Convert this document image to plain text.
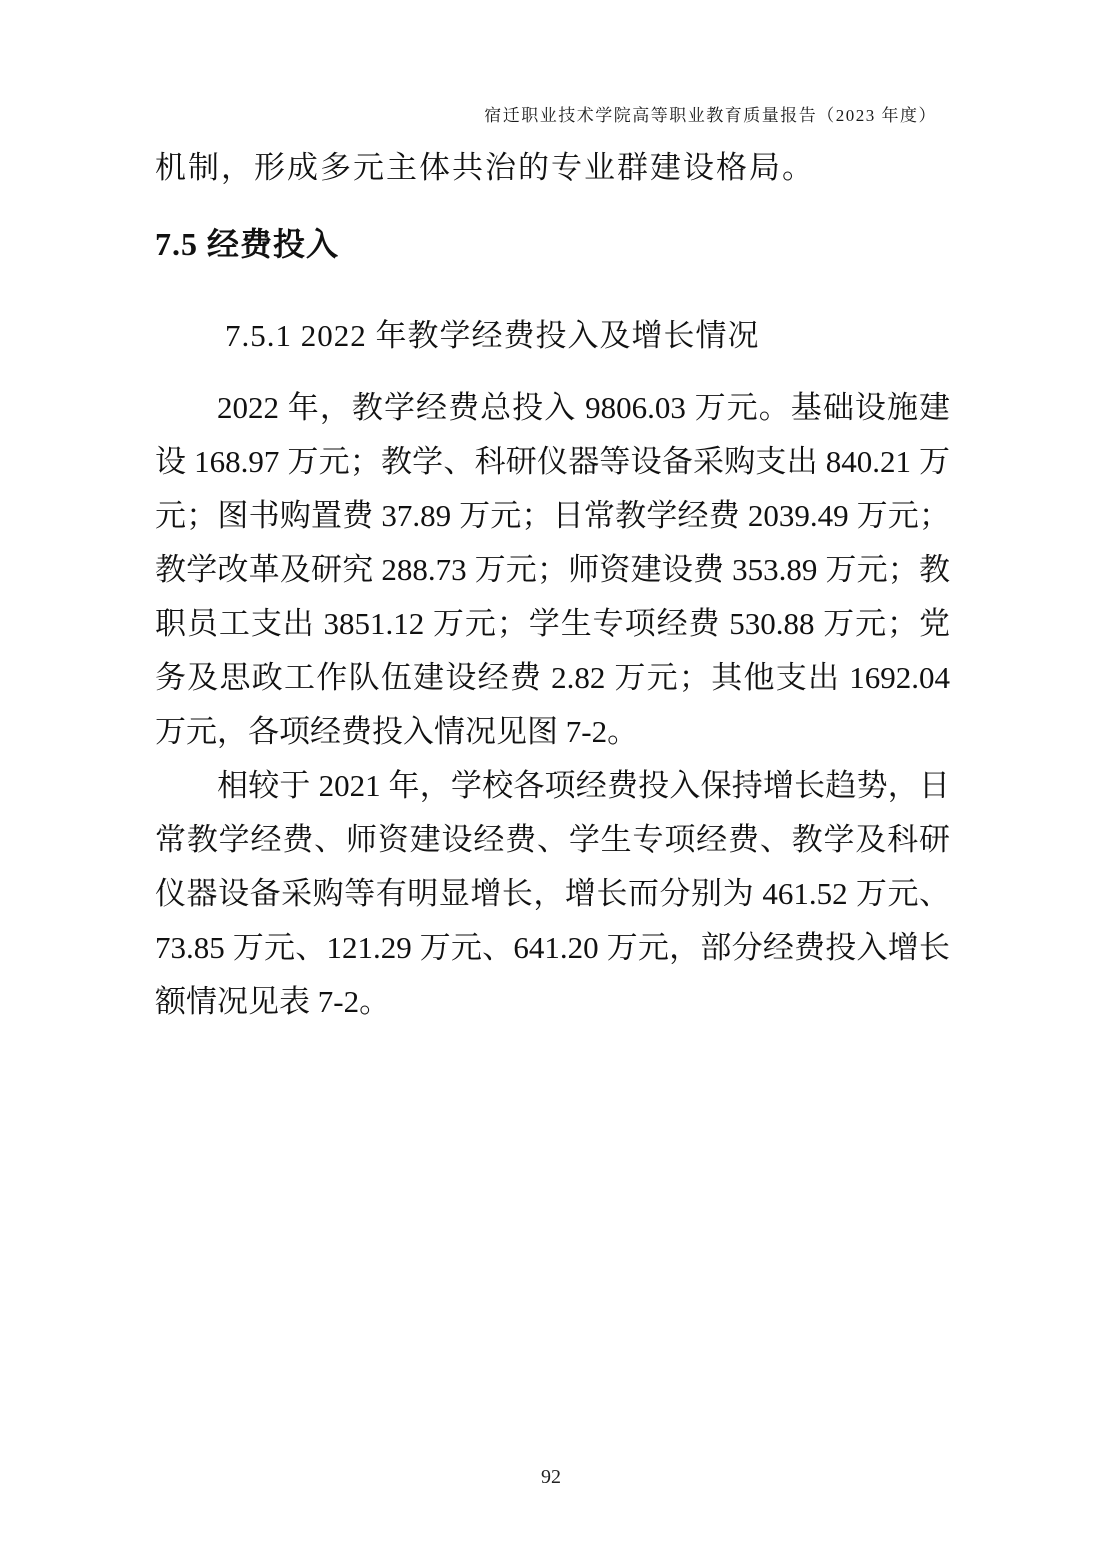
宿迁职业技术学院高等职业教育质量报告（2023 年度）
机制，形成多元主体共治的专业群建设格局。
7.5 经费投入
7.5.1 2022 年教学经费投入及增长情况

2022 年，教学经费总投入 9806.03 万元。基础设施建设 168.97 万元；教学、科研仪器等设备采购支出 840.21 万元；图书购置费 37.89 万元；日常教学经费 2039.49 万元；教学改革及研究 288.73 万元；师资建设费 353.89 万元；教职员工支出 3851.12 万元；学生专项经费 530.88 万元；党务及思政工作队伍建设经费 2.82 万元；其他支出 1692.04 万元，各项经费投入情况见图 7-2。

相较于 2021 年，学校各项经费投入保持增长趋势，日常教学经费、师资建设经费、学生专项经费、教学及科研仪器设备采购等有明显增长，增长而分别为 461.52 万元、73.85 万元、121.29 万元、641.20 万元，部分经费投入增长额情况见表 7-2。

92
